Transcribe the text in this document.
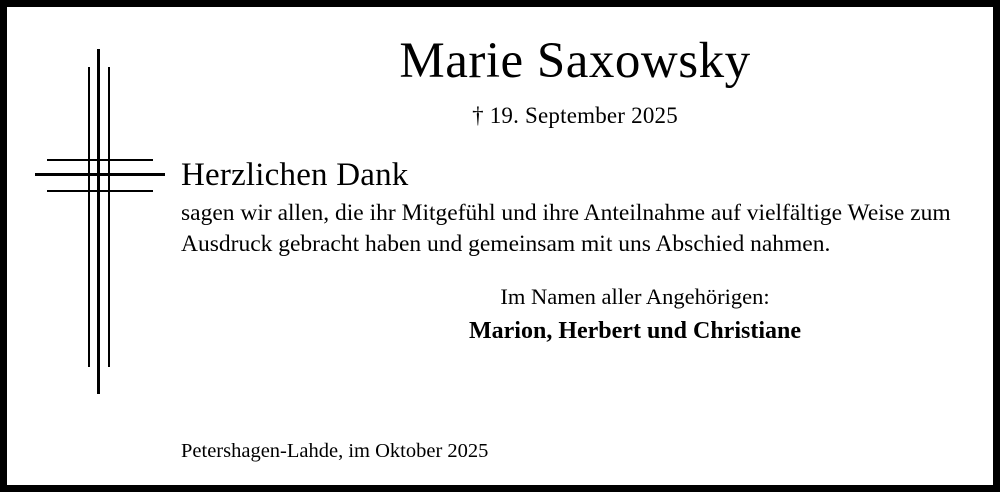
Marie Saxowsky
† 19. September 2025
Herzlichen Dank
sagen wir allen, die ihr Mitgefühl und ihre Anteilnahme auf vielfältige Weise zum Ausdruck gebracht haben und gemeinsam mit uns Abschied nahmen.
Im Namen aller Angehörigen:
Marion, Herbert und Christiane
Petershagen-Lahde, im Oktober 2025
